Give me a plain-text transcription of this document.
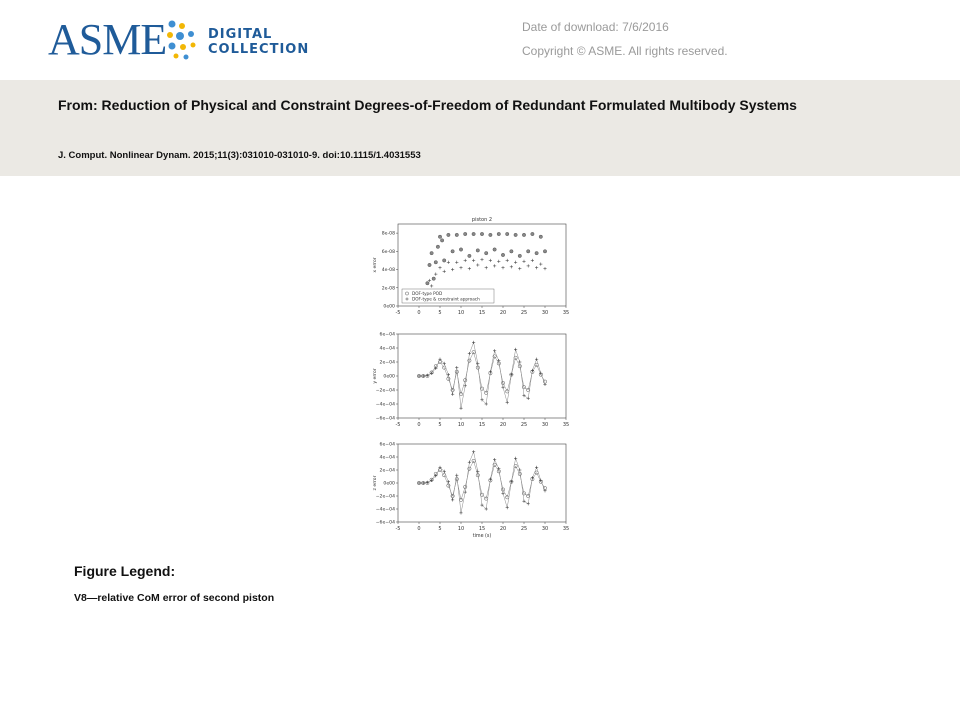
ASME	DIGITAL
COLLECTION
Date of download: 7/6/2016
Copyright © ASME. All rights reserved.
From: Reduction of Physical and Constraint Degrees-of-Freedom of Redundant Formulated Multibody Systems
J. Comput. Nonlinear Dynam. 2015;11(3):031010-031010-9. doi:10.1115/1.4031553
-5	0	5	10	15	20	25	30	35
0e00
2e-08
4e-08
6e-08
8e-08
piston 2
x error
DOF-type POD
DOF-type & constraint approach
-5	0	5	10	15	20	25	30	35
−6e−04
−4e−04
−2e−04
0e00
2e−04
4e−04
6e−04
y error
-5	0	5	10	15	20	25	30	35
−6e−04
−4e−04
−2e−04
0e00
2e−04
4e−04
6e−04
z error
time (s)
Figure Legend:
V8—relative CoM error of second piston
